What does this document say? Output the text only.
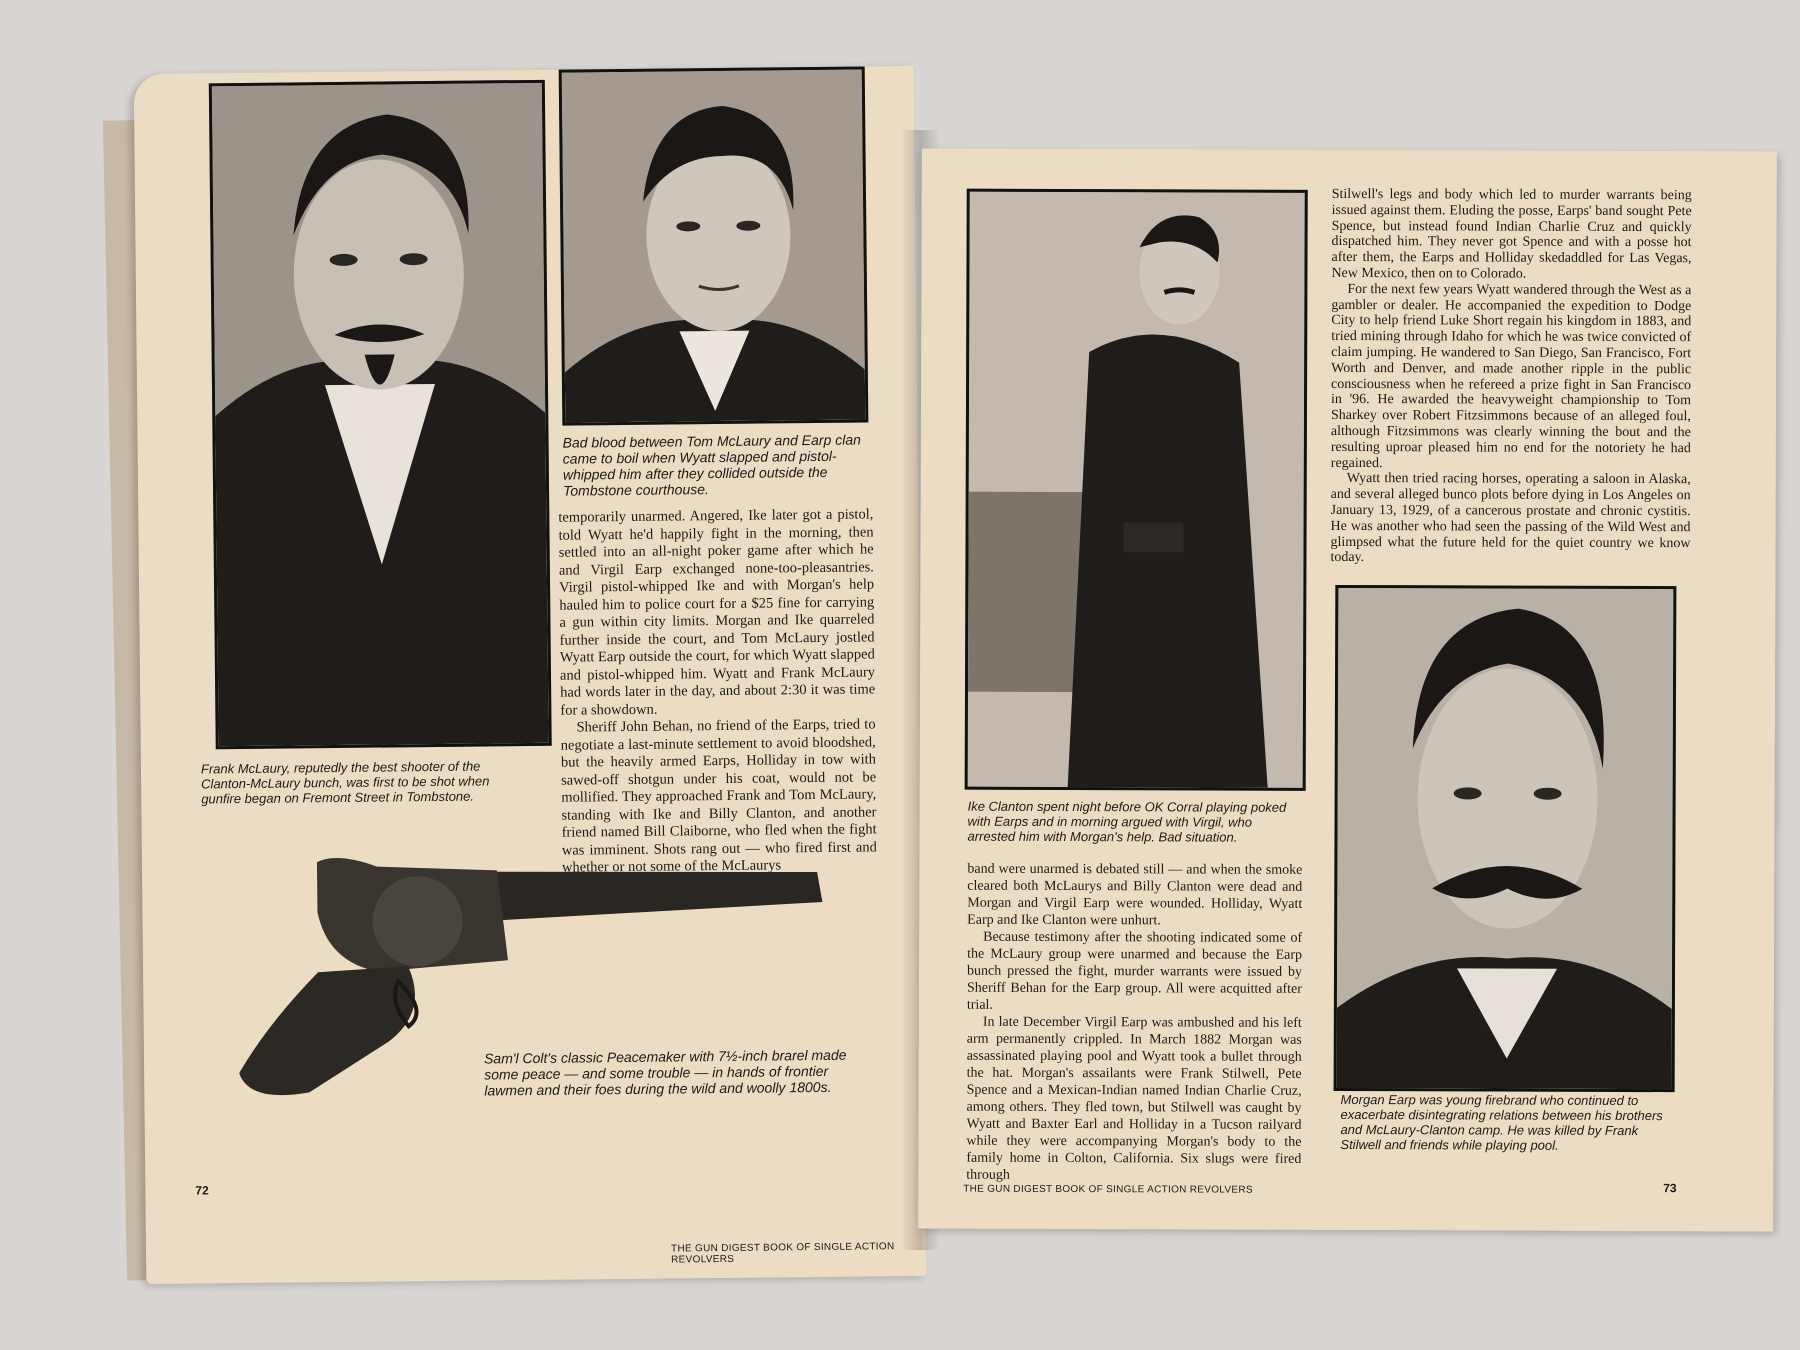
Frank McLaury, reputedly the best shooter of the Clanton-McLaury bunch, was first to be shot when gunfire began on Fremont Street in Tombstone.
Bad blood between Tom McLaury and Earp clan came to boil when Wyatt slapped and pistol-whipped him after they collided outside the Tombstone courthouse.

temporarily unarmed. Angered, Ike later got a pistol, told Wyatt he'd happily fight in the morning, then settled into an all-night poker game after which he and Virgil Earp exchanged none-too-pleasantries. Virgil pistol-whipped Ike and with Morgan's help hauled him to police court for a $25 fine for carrying a gun within city limits. Morgan and Ike quarreled further inside the court, and Tom McLaury jostled Wyatt Earp outside the court, for which Wyatt slapped and pistol-whipped him. Wyatt and Frank McLaury had words later in the day, and about 2:30 it was time for a showdown.

Sheriff John Behan, no friend of the Earps, tried to negotiate a last-minute settlement to avoid bloodshed, but the heavily armed Earps, Holliday in tow with sawed-off shotgun under his coat, would not be mollified. They approached Frank and Tom McLaury, standing with Ike and Billy Clanton, and another friend named Bill Claiborne, who fled when the fight was imminent. Shots rang out — who fired first and whether or not some of the McLaurys

Sam'l Colt's classic Peacemaker with 7½-inch brarel made some peace — and some trouble — in hands of frontier lawmen and their foes during the wild and woolly 1800s.
72
THE GUN DIGEST BOOK OF SINGLE ACTION REVOLVERS
Ike Clanton spent night before OK Corral playing poked with Earps and in morning argued with Virgil, who arrested him with Morgan's help. Bad situation.

band were unarmed is debated still — and when the smoke cleared both McLaurys and Billy Clanton were dead and Morgan and Virgil Earp were wounded. Holliday, Wyatt Earp and Ike Clanton were unhurt.

Because testimony after the shooting indicated some of the McLaury group were unarmed and because the Earp bunch pressed the fight, murder warrants were issued by Sheriff Behan for the Earp group. All were acquitted after trial.

In late December Virgil Earp was ambushed and his left arm permanently crippled. In March 1882 Morgan was assassinated playing pool and Wyatt took a bullet through the hat. Morgan's assailants were Frank Stilwell, Pete Spence and a Mexican-Indian named Indian Charlie Cruz, among others. They fled town, but Stilwell was caught by Wyatt and Baxter Earl and Holliday in a Tucson railyard while they were accompanying Morgan's body to the family home in Colton, California. Six slugs were fired through

Stilwell's legs and body which led to murder warrants being issued against them. Eluding the posse, Earps' band sought Pete Spence, but instead found Indian Charlie Cruz and quickly dispatched him. They never got Spence and with a posse hot after them, the Earps and Holliday skedaddled for Las Vegas, New Mexico, then on to Colorado.

For the next few years Wyatt wandered through the West as a gambler or dealer. He accompanied the expedition to Dodge City to help friend Luke Short regain his kingdom in 1883, and tried mining through Idaho for which he was twice convicted of claim jumping. He wandered to San Diego, San Francisco, Fort Worth and Denver, and made another ripple in the public consciousness when he refereed a prize fight in San Francisco in '96. He awarded the heavyweight championship to Tom Sharkey over Robert Fitzsimmons because of an alleged foul, although Fitzsimmons was clearly winning the bout and the resulting uproar pleased him no end for the notoriety he had regained.

Wyatt then tried racing horses, operating a saloon in Alaska, and several alleged bunco plots before dying in Los Angeles on January 13, 1929, of a cancerous prostate and chronic cystitis. He was another who had seen the passing of the Wild West and glimpsed what the future held for the quiet country we know today.

Morgan Earp was young firebrand who continued to exacerbate disintegrating relations between his brothers and McLaury-Clanton camp. He was killed by Frank Stilwell and friends while playing pool.
THE GUN DIGEST BOOK OF SINGLE ACTION REVOLVERS	73
